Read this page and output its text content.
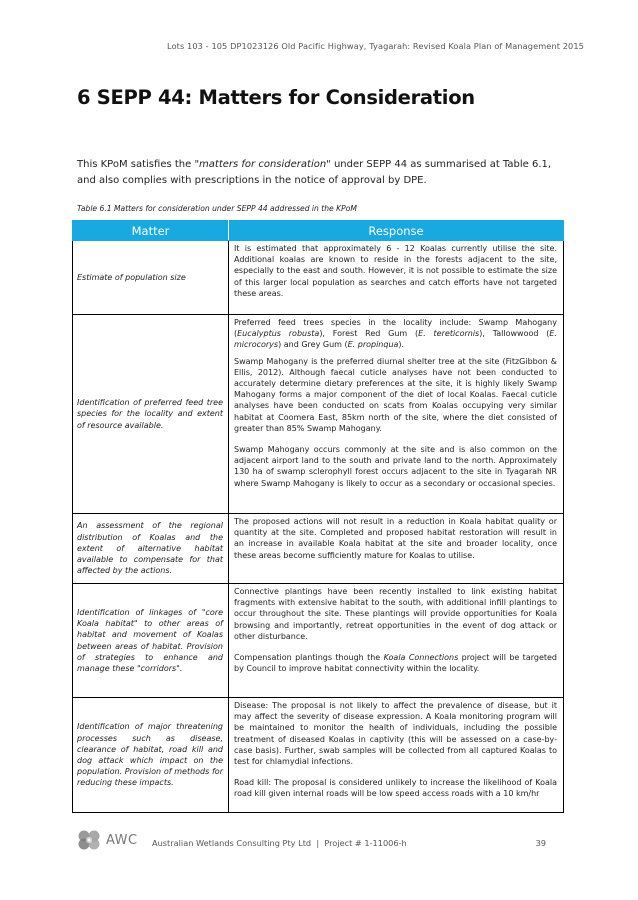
Lots 103 - 105 DP1023126 Old Pacific Highway, Tyagarah: Revised Koala Plan of Management 2015
6 SEPP 44: Matters for Consideration

This KPoM satisfies the "matters for consideration" under SEPP 44 as summarised at Table 6.1, and also complies with prescriptions in the notice of approval by DPE.

Table 6.1 Matters for consideration under SEPP 44 addressed in the KPoM
Matter	Response
Estimate of population size	It is estimated that approximately 6 - 12 Koalas currently utilise the site. Additional koalas are known to reside in the forests adjacent to the site, especially to the east and south. However, it is not possible to estimate the size of this larger local population as searches and catch efforts have not targeted these areas.

Identification of preferred feed tree species for the locality and extent of resource available.	Preferred feed trees species in the locality include: Swamp Mahogany (Eucalyptus robusta), Forest Red Gum (E. tereticornis), Tallowwood (E. microcorys) and Grey Gum (E. propinqua).

Swamp Mahogany is the preferred diurnal shelter tree at the site (FitzGibbon & Ellis, 2012). Although faecal cuticle analyses have not been conducted to accurately determine dietary preferences at the site, it is highly likely Swamp Mahogany forms a major component of the diet of local Koalas. Faecal cuticle analyses have been conducted on scats from Koalas occupying very similar habitat at Coomera East, 85km north of the site, where the diet consisted of greater than 85% Swamp Mahogany.

Swamp Mahogany occurs commonly at the site and is also common on the adjacent airport land to the south and private land to the north. Approximately 130 ha of swamp sclerophyll forest occurs adjacent to the site in Tyagarah NR where Swamp Mahogany is likely to occur as a secondary or occasional species.

An assessment of the regional distribution of Koalas and the extent of alternative habitat available to compensate for that affected by the actions.	The proposed actions will not result in a reduction in Koala habitat quality or quantity at the site. Completed and proposed habitat restoration will result in an increase in available Koala habitat at the site and broader locality, once these areas become sufficiently mature for Koalas to utilise.

Identification of linkages of "core Koala habitat" to other areas of habitat and movement of Koalas between areas of habitat. Provision of strategies to enhance and manage these "corridors".	Connective plantings have been recently installed to link existing habitat fragments with extensive habitat to the south, with additional infill plantings to occur throughout the site. These plantings will provide opportunities for Koala browsing and importantly, retreat opportunities in the event of dog attack or other disturbance.

Compensation plantings though the Koala Connections project will be targeted by Council to improve habitat connectivity within the locality.

Identification of major threatening processes such as disease, clearance of habitat, road kill and dog attack which impact on the population. Provision of methods for reducing these impacts.	Disease: The proposal is not likely to affect the prevalence of disease, but it may affect the severity of disease expression. A Koala monitoring program will be maintained to monitor the health of individuals, including the possible treatment of diseased Koalas in captivity (this will be assessed on a case-by-case basis). Further, swab samples will be collected from all captured Koalas to test for chlamydial infections.

Road kill: The proposal is considered unlikely to increase the likelihood of Koala road kill given internal roads will be low speed access roads with a 10 km/hr

AWC Australian Wetlands Consulting Pty Ltd | Project # 1-11006-h	39
